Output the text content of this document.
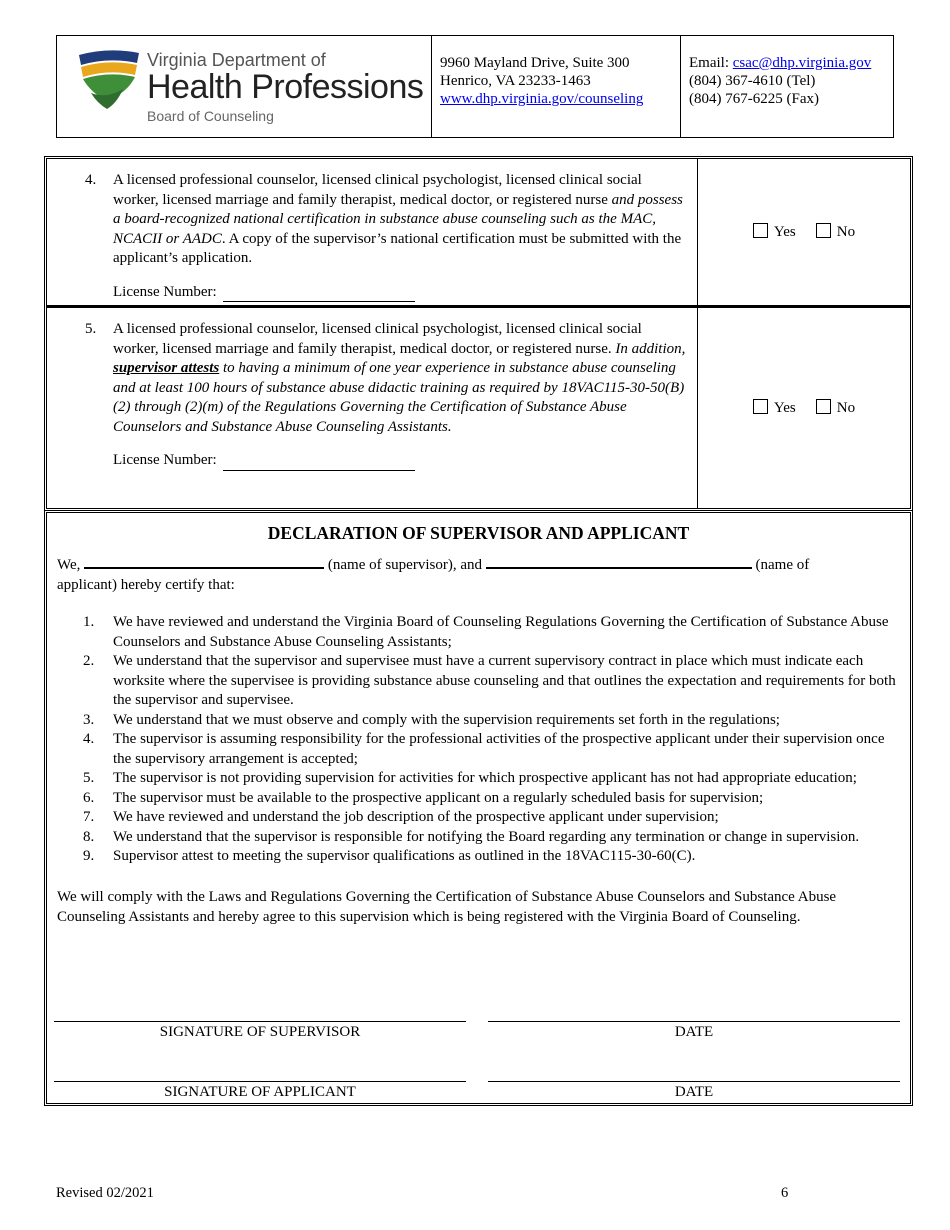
Virginia Department of
Health Professions
Board of Counseling
9960 Mayland Drive, Suite 300
Henrico, VA 23233-1463
www.dhp.virginia.gov/counseling
Email: csac@dhp.virginia.gov
(804) 367-4610 (Tel)
(804) 767-6225 (Fax)
4. A licensed professional counselor, licensed clinical psychologist, licensed clinical social worker, licensed marriage and family therapist, medical doctor, or registered nurse and possess a board-recognized national certification in substance abuse counseling such as the MAC, NCACII or AADC. A copy of the supervisor’s national certification must be submitted with the applicant’s application.
License Number:
Yes	No
5. A licensed professional counselor, licensed clinical psychologist, licensed clinical social worker, licensed marriage and family therapist, medical doctor, or registered nurse. In addition, supervisor attests to having a minimum of one year experience in substance abuse counseling and at least 100 hours of substance abuse didactic training as required by 18VAC115-30-50(B)(2) through (2)(m) of the Regulations Governing the Certification of Substance Abuse Counselors and Substance Abuse Counseling Assistants.
License Number:
Yes	No
DECLARATION OF SUPERVISOR AND APPLICANT
We,	(name of supervisor), and	(name of
applicant) hereby certify that:
1. We have reviewed and understand the Virginia Board of Counseling Regulations Governing the Certification of Substance Abuse Counselors and Substance Abuse Counseling Assistants;
2. We understand that the supervisor and supervisee must have a current supervisory contract in place which must indicate each worksite where the supervisee is providing substance abuse counseling and that outlines the expectation and requirements for both the supervisor and supervisee.
3. We understand that we must observe and comply with the supervision requirements set forth in the regulations;
4. The supervisor is assuming responsibility for the professional activities of the prospective applicant under their supervision once the supervisory arrangement is accepted;
5. The supervisor is not providing supervision for activities for which prospective applicant has not had appropriate education;
6. The supervisor must be available to the prospective applicant on a regularly scheduled basis for supervision;
7. We have reviewed and understand the job description of the prospective applicant under supervision;
8. We understand that the supervisor is responsible for notifying the Board regarding any termination or change in supervision.
9. Supervisor attest to meeting the supervisor qualifications as outlined in the 18VAC115-30-60(C).
We will comply with the Laws and Regulations Governing the Certification of Substance Abuse Counselors and Substance Abuse Counseling Assistants and hereby agree to this supervision which is being registered with the Virginia Board of Counseling.
SIGNATURE OF SUPERVISOR	DATE
SIGNATURE OF APPLICANT	DATE
Revised 02/2021	6
